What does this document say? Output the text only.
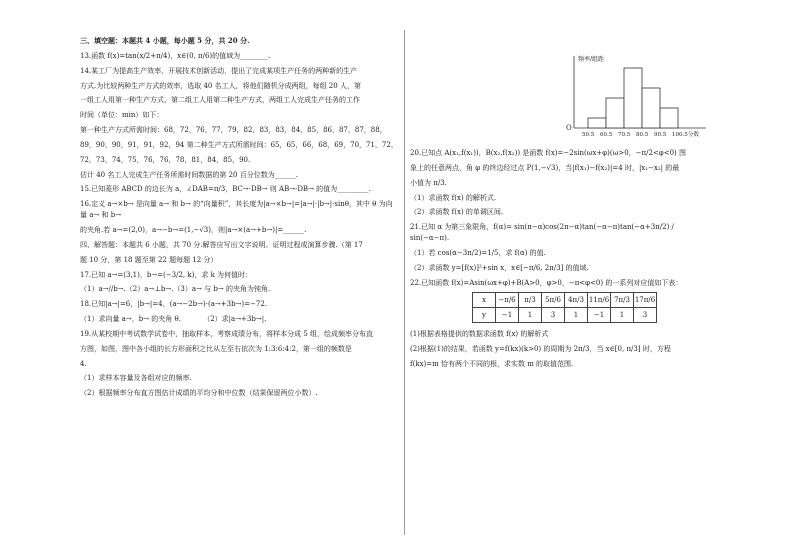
三、填空题：本题共 4 小题，每小题 5 分，共 20 分.

13.函数 f(x)=tan(x/2+π/4)，x∈(0, π/6)的值域为________.

14.某工厂为提高生产效率，开展技术创新活动，提出了完成某项生产任务的两种新的生产

方式.为比较两种生产方式的效率，选取 40 名工人，将他们随机分成两组，每组 20 人，第

一组工人用第一种生产方式，第二组工人用第二种生产方式，两组工人完成生产任务的工作

时间（单位：min）如下：

第一种生产方式所需时间：68，72，76，77，79，82，83，83，84，85，86，87，87，88，

89，90，90，91，91，92，94 第二种生产方式所需时间：65，65，66，68，69，70，71，72，

72，73，74，75，76，76，78，81，84，85，90.

估计 40 名工人完成生产任务所需时间数据的第 20 百分位数为______.

15.已知菱形 ABCD 的边长为 a，∠DAB=π/3，BC→·DB→ 则 AB→·DB→ 的值为_________.

16.定义 a→×b→ 是向量 a→ 和 b→ 的“向量积”，其长度为|a→×b→|=|a→|·|b→|·sinθ，其中 θ 为向量 a→ 和 b→

的夹角.若 a→=(2,0)，a→−b→=(1,−√3)，则|a→×(a→+b→)|=______.

四、解答题：本题共 6 小题，共 70 分.解答应写出文字说明、证明过程或演算步骤.（第 17

题 10 分，第 18 题至第 22 题每题 12 分）

17.已知 a→=(3,1)，b→=(−3/2, k)，求 k 为何值时：

（1）a→//b→.（2）a→⊥b→.（3）a→ 与 b→ 的夹角为钝角.

18.已知|a→|=6，|b→|=4，(a→−2b→)·(a→+3b→)=−72.

（1）求向量 a→，b→ 的夹角 θ.          （2）求|a→+3b→|.

19.从某校期中考试数学试卷中，抽取样本，考察成绩分布，将样本分成 5 组，绘成频率分布直

方图，如图，图中各小组的长方形面积之比从左至右依次为 1:3:6:4:2，第一组的频数是

4.

（1）求样本容量及各组对应的频率.

（2）根据频率分布直方图估计成绩的平均分和中位数（结果保留两位小数）.

20.已知点 A(x₁,f(x₁))，B(x₂,f(x₂)) 是函数 f(x)=−2sin(ωx+φ)(ω>0，−π/2<φ<0) 图

象上的任意两点，角 φ 的终边经过点 P(1,−√3)，当|f(x₁)−f(x₂)|=4 时，|x₁−x₂| 的最

小值为 π/3.

（1）求函数 f(x) 的解析式.

（2）求函数 f(x) 的单调区间.

21.已知 α 为第三象限角，f(α)= sin(π−α)cos(2π−α)tan(−α−π)tan(−α+3π/2) / sin(−α−π).

（1）若 cos(α−3π/2)=1/5，求 f(α) 的值.

（2）求函数 y=[f(x)]²+sin x，x∈[−π/6, 2π/3] 的值域.

22.已知函数 f(x)=Asin(ωx+φ)+B(A>0，φ>0，−π<φ<0) 的一系列对应值如下表：

x	−π/6	π/3	5π/6	4π/3	11π/6	7π/3	17π/6
y	−1	1	3	1	−1	1	3

(1)根据表格提供的数据求函数 f(x) 的解析式

(2)根据(1)的结果，若函数 y=f(kx)(k>0) 的周期为 2π/3，当 x∈[0, π/3] 时，方程

f(kx)=m 恰有两个不同的根，求实数 m 的取值范围.

频率/组距
O
50.5 60.5 70.5 80.5 90.5 100.5 分数
